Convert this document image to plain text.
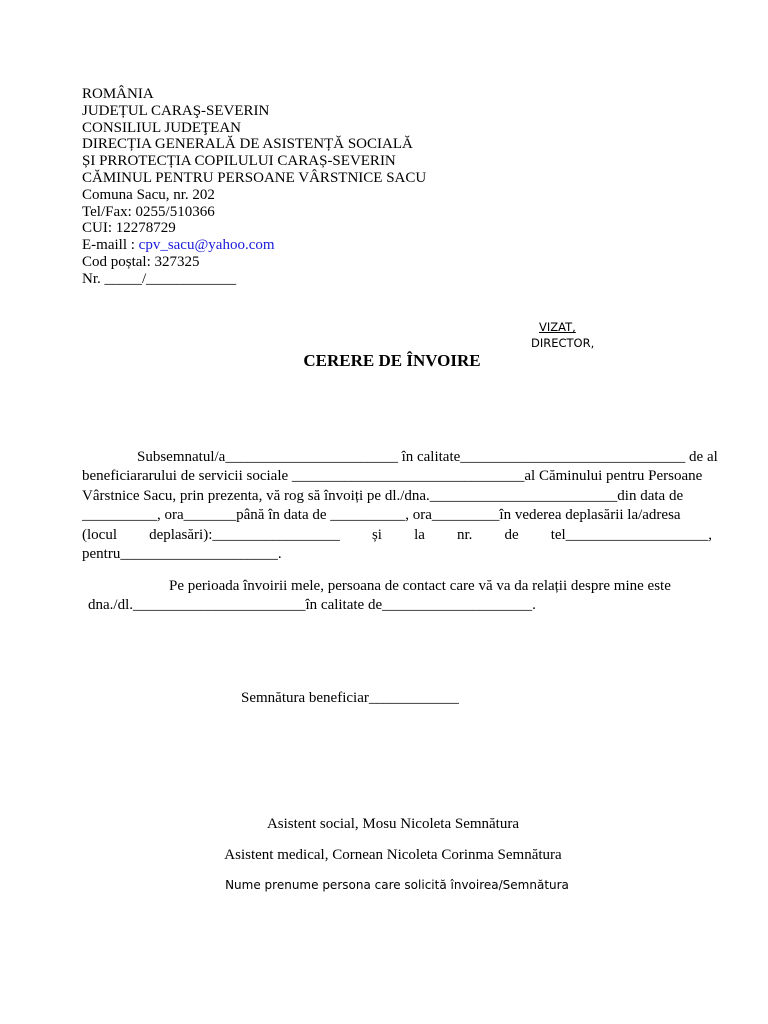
ROMÂNIA
JUDEȚUL CARAŞ-SEVERIN
CONSILIUL JUDEŢEAN
DIRECȚIA GENERALĂ DE ASISTENȚĂ SOCIALĂ
ȘI PRROTECȚIA COPILULUI CARAȘ-SEVERIN
CĂMINUL PENTRU PERSOANE VÂRSTNICE SACU
Comuna Sacu, nr. 202
Tel/Fax: 0255/510366
CUI: 12278729
E-maill : cpv_sacu@yahoo.com
Cod poștal: 327325
Nr. _____/____________
VIZAT,
DIRECTOR,
CERERE DE ÎNVOIRE
Subsemnatul/a_______________________ în calitate______________________________ de al
beneficiararului de servicii sociale _______________________________al Căminului pentru Persoane
Vârstnice Sacu, prin prezenta, vă rog să învoiți pe dl./dna._________________________din data de
__________, ora_______până în data de __________, ora_________în vederea deplasării la/adresa
(locul deplasări):_________________ și la nr. de tel___________________,
pentru_____________________.
Pe perioada învoirii mele, persoana de contact care vă va da relații despre mine este
dna./dl._______________________în calitate de____________________.
Semnătura beneficiar____________
Asistent social, Mosu Nicoleta Semnătura
Asistent medical, Cornean Nicoleta Corinma Semnătura
Nume prenume persona care solicită învoirea/Semnătura
